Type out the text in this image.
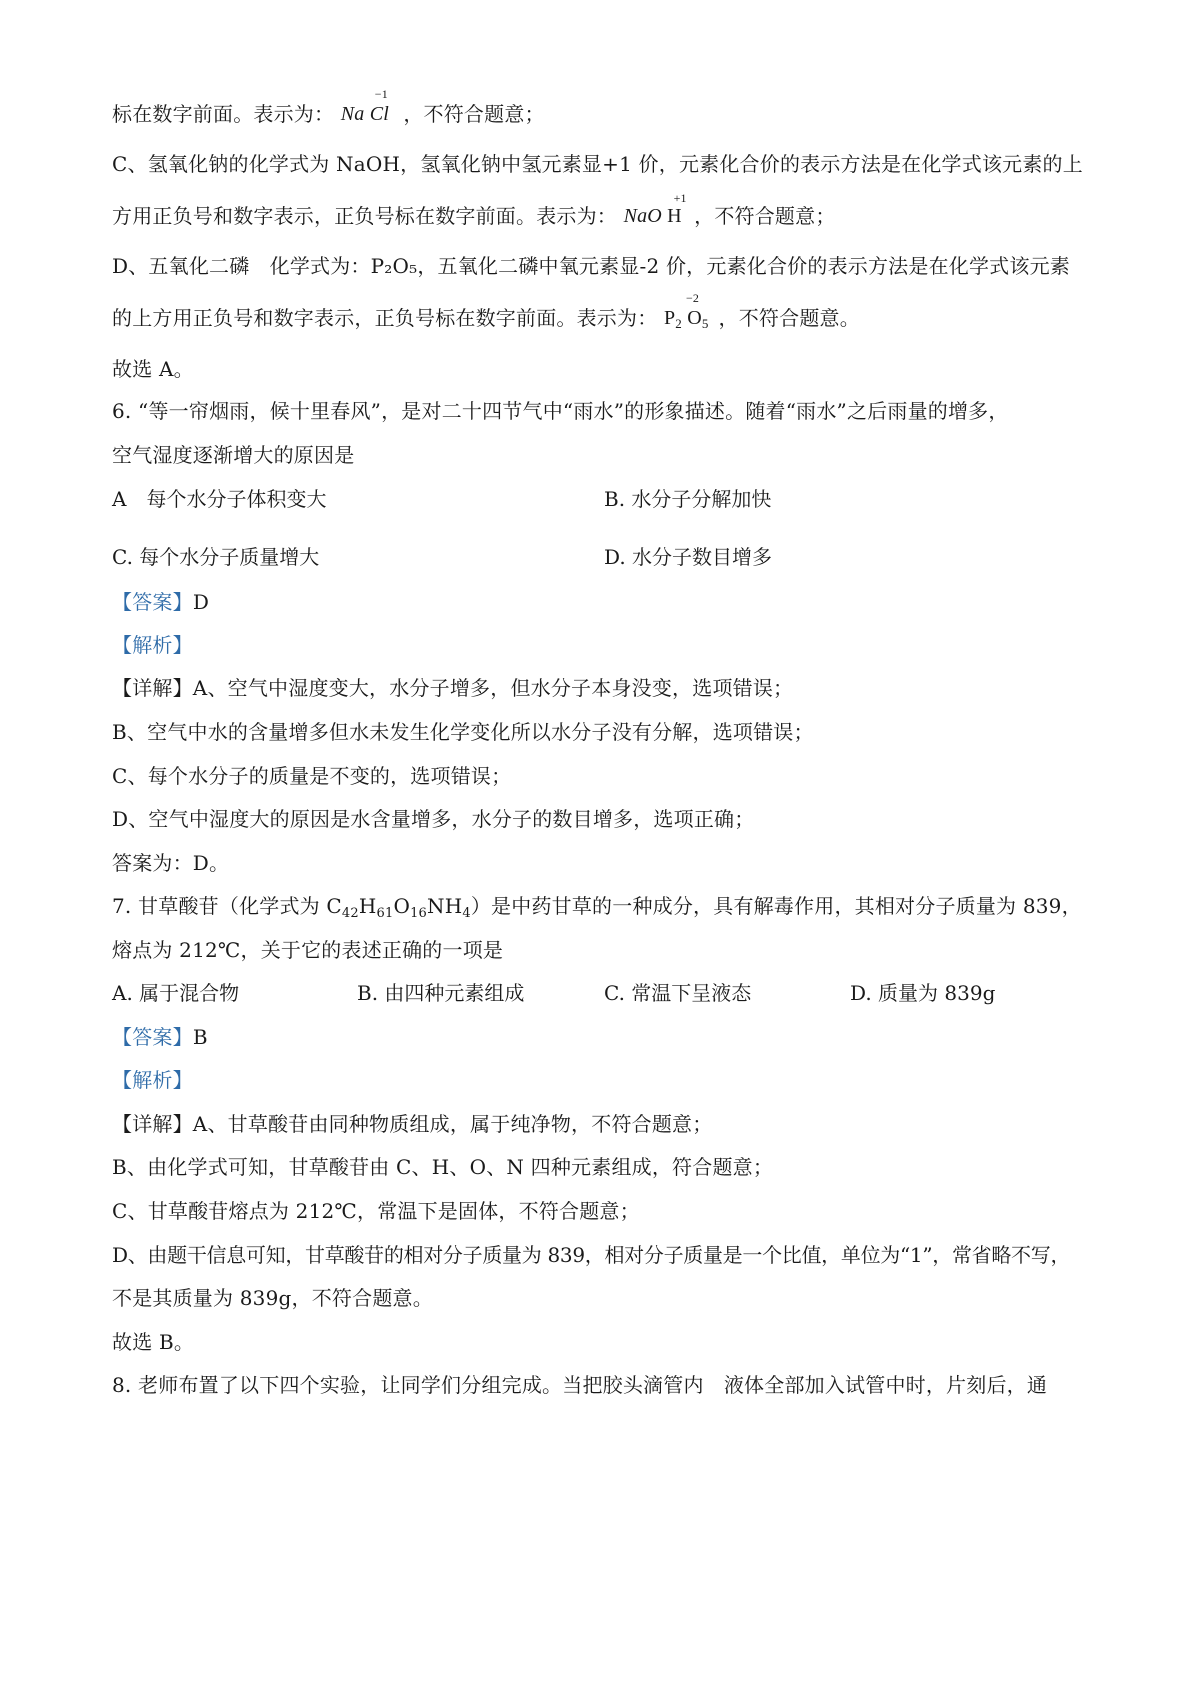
标在数字前面。表示为：
−1
Na Cl ，不符合题意；
C、氢氧化钠的化学式为 NaOH，氢氧化钠中氢元素显+1 价，元素化合价的表示方法是在化学式该元素的上
方用正负号和数字表示，正负号标在数字前面。表示为：
+1
NaO H ，不符合题意；
D、五氧化二磷　化学式为：P₂O₅，五氧化二磷中氧元素显-2 价，元素化合价的表示方法是在化学式该元素
的上方用正负号和数字表示，正负号标在数字前面。表示为：
−2
$P_2$ $O_5$ ，不符合题意。
故选 A。
6. “等一帘烟雨，候十里春风”，是对二十四节气中“雨水”的形象描述。随着“雨水”之后雨量的增多，
空气湿度逐渐增大的原因是
A　每个水分子体积变大	B. 水分子分解加快
C. 每个水分子质量增大	D. 水分子数目增多
【答案】D
【解析】
【详解】A、空气中湿度变大，水分子增多，但水分子本身没变，选项错误；
B、空气中水的含量增多但水未发生化学变化所以水分子没有分解，选项错误；
C、每个水分子的质量是不变的，选项错误；
D、空气中湿度大的原因是水含量增多，水分子的数目增多，选项正确；
答案为：D。
7. 甘草酸苷（化学式为 $C_{42}H_{61}O_{16}NH_4$）是中药甘草的一种成分，具有解毒作用，其相对分子质量为 839，
熔点为 212℃，关于它的表述正确的一项是
A. 属于混合物	B. 由四种元素组成	C. 常温下呈液态	D. 质量为 839g
【答案】B
【解析】
【详解】A、甘草酸苷由同种物质组成，属于纯净物，不符合题意；
B、由化学式可知，甘草酸苷由 C、H、O、N 四种元素组成，符合题意；
C、甘草酸苷熔点为 212℃，常温下是固体，不符合题意；
D、由题干信息可知，甘草酸苷的相对分子质量为 839，相对分子质量是一个比值，单位为“1”，常省略不写，
不是其质量为 839g，不符合题意。
故选 B。
8. 老师布置了以下四个实验，让同学们分组完成。当把胶头滴管内　液体全部加入试管中时，片刻后，通
